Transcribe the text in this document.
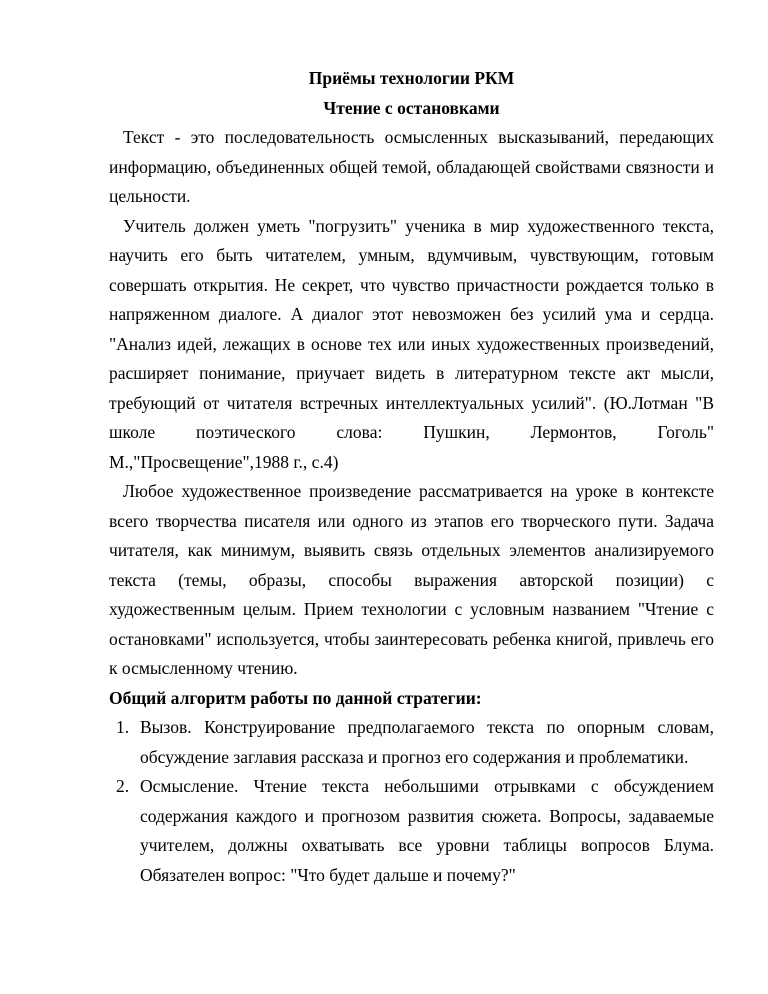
Приёмы технологии РКМ

Чтение с остановками

Текст - это последовательность осмысленных высказываний, передающих информацию, объединенных общей темой, обладающей свойствами связности и цельности.

Учитель должен уметь "погрузить" ученика в мир художественного текста, научить его быть читателем, умным, вдумчивым, чувствующим, готовым совершать открытия. Не секрет, что чувство причастности рождается только в напряженном диалоге. А диалог этот невозможен без усилий ума и сердца. "Анализ идей, лежащих в основе тех или иных художественных произведений, расширяет понимание, приучает видеть в литературном тексте акт мысли, требующий от читателя встречных интеллектуальных усилий". (Ю.Лотман "В школе поэтического слова: Пушкин, Лермонтов, Гоголь" М.,"Просвещение",1988 г., с.4)

Любое художественное произведение рассматривается на уроке в контексте всего творчества писателя или одного из этапов его творческого пути. Задача читателя, как минимум, выявить связь отдельных элементов анализируемого текста (темы, образы, способы выражения авторской позиции) с художественным целым. Прием технологии с условным названием "Чтение с остановками" используется, чтобы заинтересовать ребенка книгой, привлечь его к осмысленному чтению.

Общий алгоритм работы по данной стратегии:

1. Вызов. Конструирование предполагаемого текста по опорным словам, обсуждение заглавия рассказа и прогноз его содержания и проблематики.
2. Осмысление. Чтение текста небольшими отрывками с обсуждением содержания каждого и прогнозом развития сюжета. Вопросы, задаваемые учителем, должны охватывать все уровни таблицы вопросов Блума. Обязателен вопрос: "Что будет дальше и почему?"
